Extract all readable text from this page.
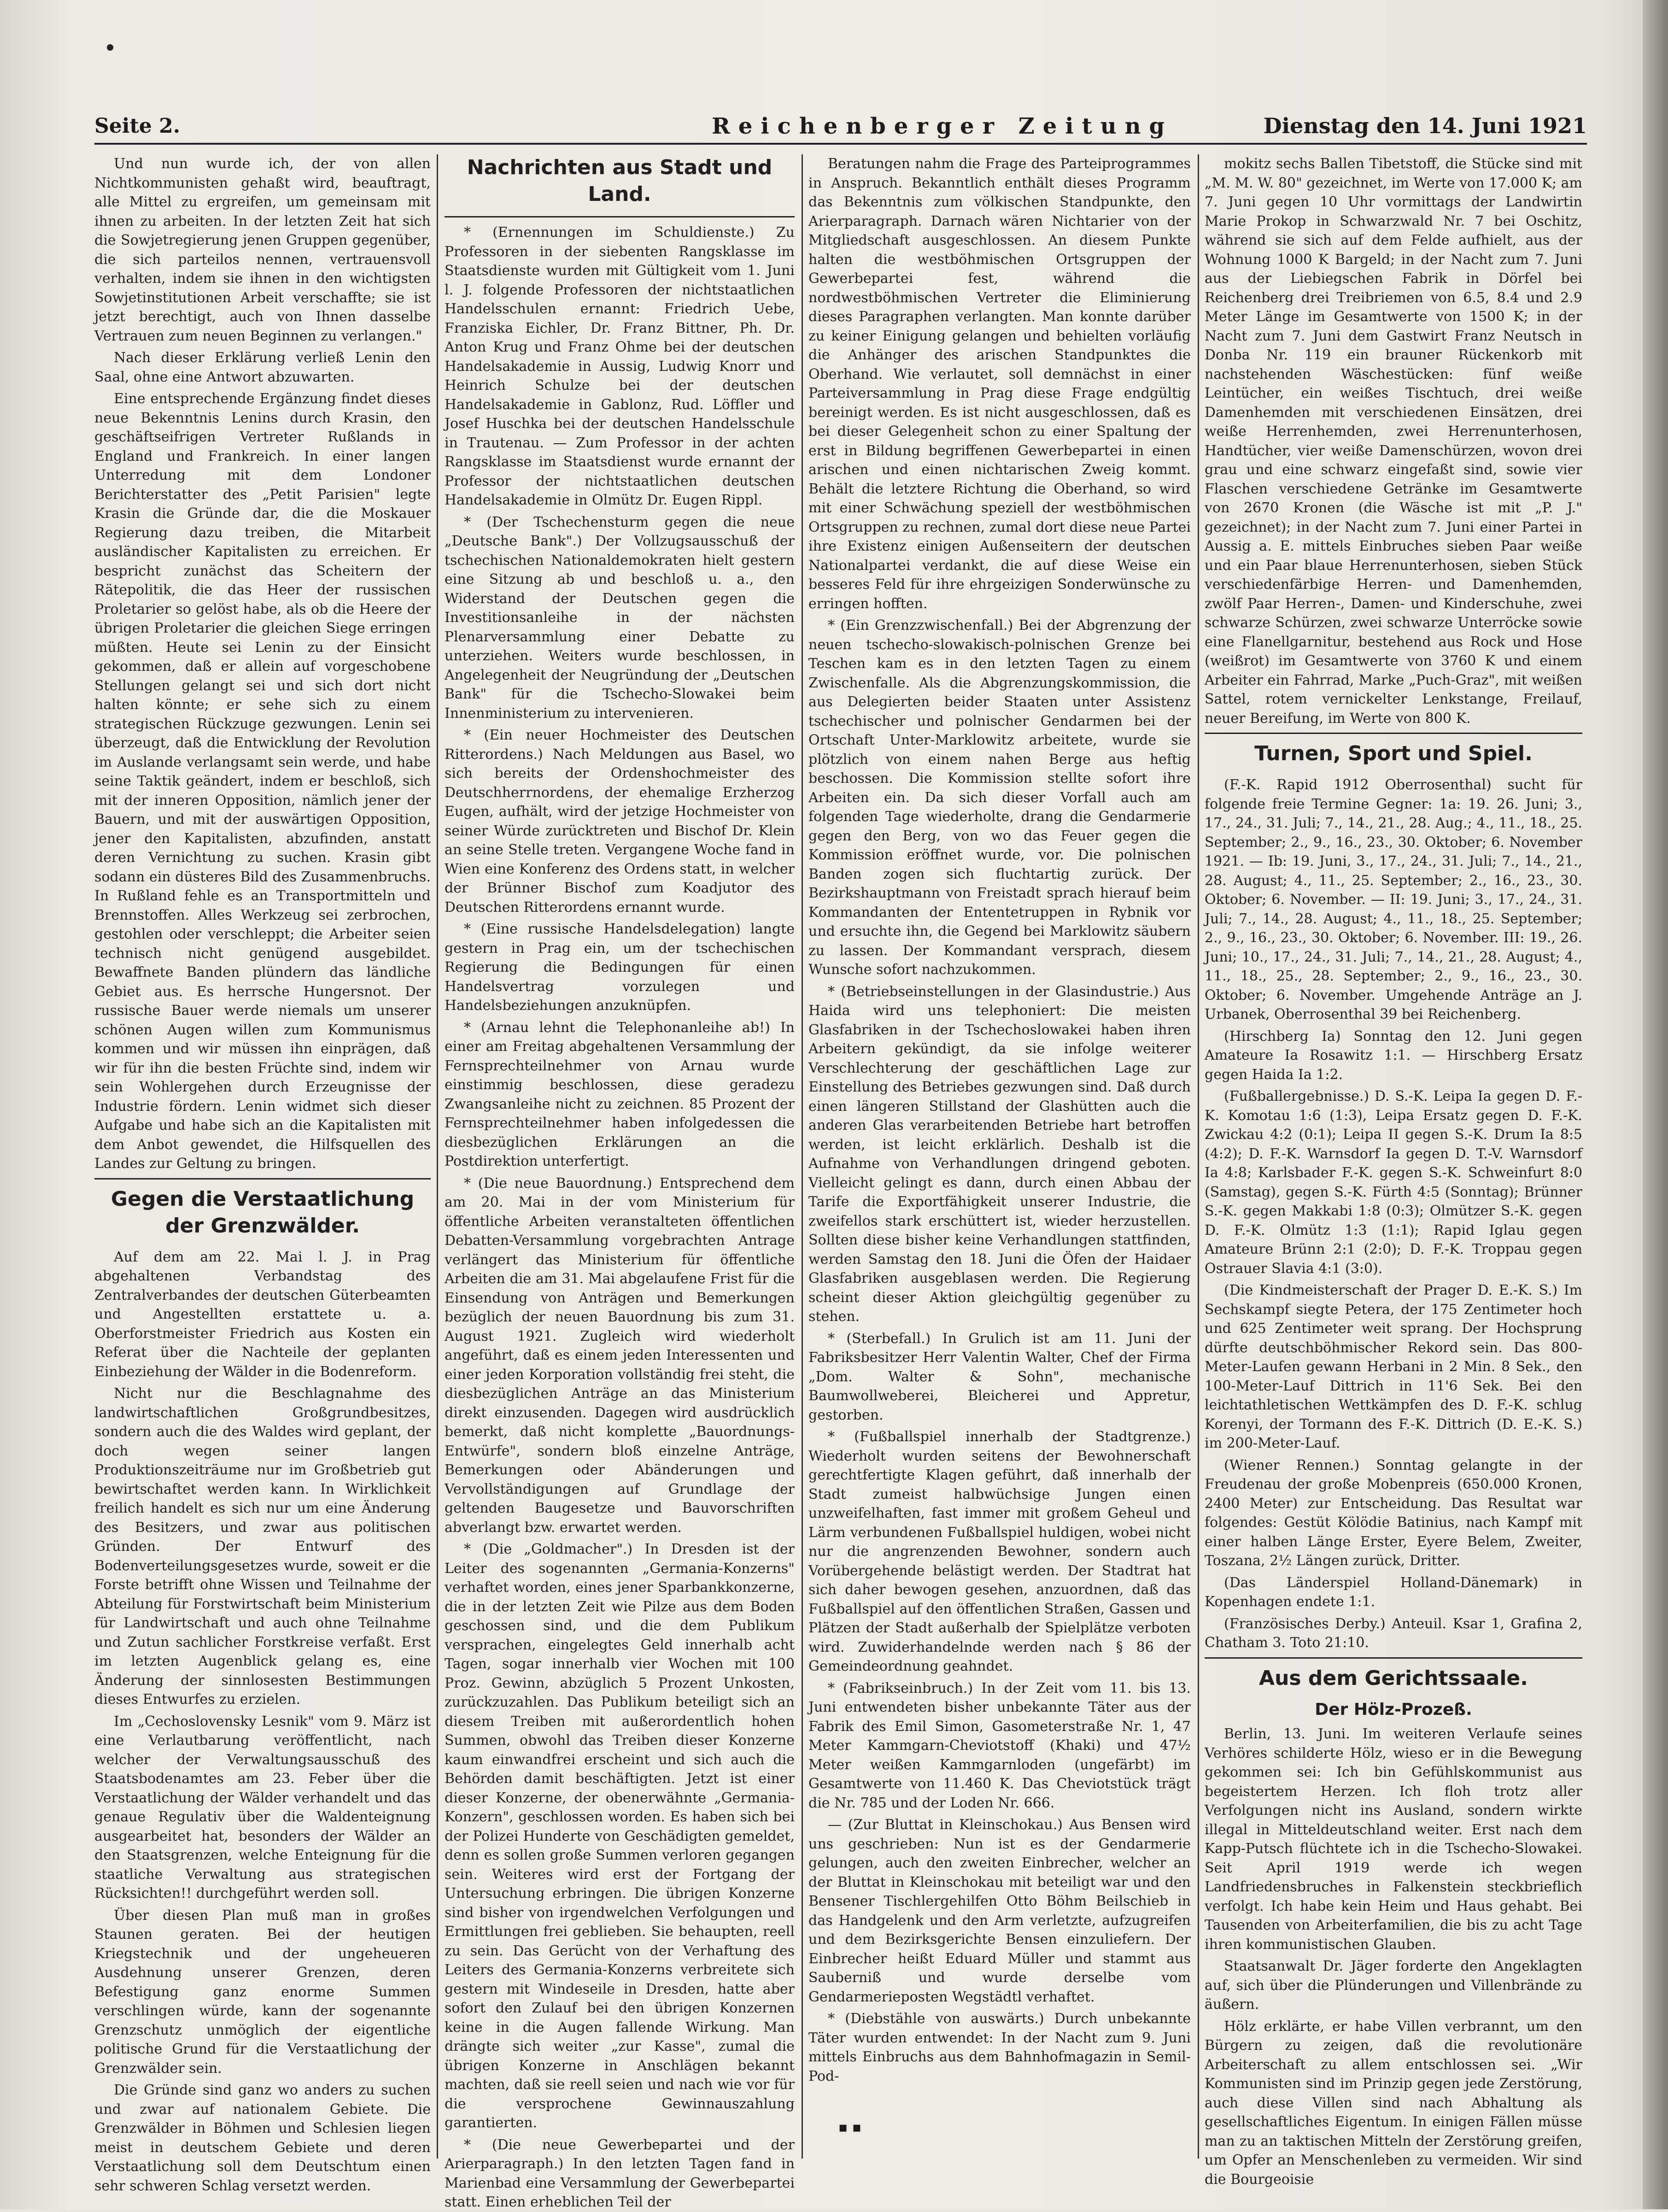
Seite 2.	Reichenberger Zeitung	Dienstag den 14. Juni 1921

Und nun wurde ich, der von allen Nichtkommunisten gehaßt wird, beauftragt, alle Mittel zu ergreifen, um gemeinsam mit ihnen zu arbeiten. In der letzten Zeit hat sich die Sowjetregierung jenen Gruppen gegenüber, die sich parteilos nennen, vertrauensvoll verhalten, indem sie ihnen in den wichtigsten Sowjetinstitutionen Arbeit verschaffte; sie ist jetzt berechtigt, auch von Ihnen dasselbe Vertrauen zum neuen Beginnen zu verlangen."

Nach dieser Erklärung verließ Lenin den Saal, ohne eine Antwort abzuwarten.

Eine entsprechende Ergänzung findet dieses neue Bekenntnis Lenins durch Krasin, den geschäftseifrigen Vertreter Rußlands in England und Frankreich. In einer langen Unterredung mit dem Londoner Berichterstatter des „Petit Parisien" legte Krasin die Gründe dar, die die Moskauer Regierung dazu treiben, die Mitarbeit ausländischer Kapitalisten zu erreichen. Er bespricht zunächst das Scheitern der Rätepolitik, die das Heer der russischen Proletarier so gelöst habe, als ob die Heere der übrigen Proletarier die gleichen Siege erringen müßten. Heute sei Lenin zu der Einsicht gekommen, daß er allein auf vorgeschobene Stellungen gelangt sei und sich dort nicht halten könnte; er sehe sich zu einem strategischen Rückzuge gezwungen. Lenin sei überzeugt, daß die Entwicklung der Revolution im Auslande verlangsamt sein werde, und habe seine Taktik geändert, indem er beschloß, sich mit der inneren Opposition, nämlich jener der Bauern, und mit der auswärtigen Opposition, jener den Kapitalisten, abzufinden, anstatt deren Vernichtung zu suchen. Krasin gibt sodann ein düsteres Bild des Zusammenbruchs. In Rußland fehle es an Transportmitteln und Brennstoffen. Alles Werkzeug sei zerbrochen, gestohlen oder verschleppt; die Arbeiter seien technisch nicht genügend ausgebildet. Bewaffnete Banden plündern das ländliche Gebiet aus. Es herrsche Hungersnot. Der russische Bauer werde niemals um unserer schönen Augen willen zum Kommunismus kommen und wir müssen ihn einprägen, daß wir für ihn die besten Früchte sind, indem wir sein Wohlergehen durch Erzeugnisse der Industrie fördern. Lenin widmet sich dieser Aufgabe und habe sich an die Kapitalisten mit dem Anbot gewendet, die Hilfsquellen des Landes zur Geltung zu bringen.

Gegen die Verstaatlichung der Grenzwälder.

Auf dem am 22. Mai l. J. in Prag abgehaltenen Verbandstag des Zentralverbandes der deutschen Güterbeamten und Angestellten erstattete u. a. Oberforstmeister Friedrich aus Kosten ein Referat über die Nachteile der geplanten Einbeziehung der Wälder in die Bodenreform.

Nicht nur die Beschlagnahme des landwirtschaftlichen Großgrundbesitzes, sondern auch die des Waldes wird geplant, der doch wegen seiner langen Produktionszeiträume nur im Großbetrieb gut bewirtschaftet werden kann. In Wirklichkeit freilich handelt es sich nur um eine Änderung des Besitzers, und zwar aus politischen Gründen. Der Entwurf des Bodenverteilungsgesetzes wurde, soweit er die Forste betrifft ohne Wissen und Teilnahme der Abteilung für Forstwirtschaft beim Ministerium für Landwirtschaft und auch ohne Teilnahme und Zutun sachlicher Forstkreise verfaßt. Erst im letzten Augenblick gelang es, eine Änderung der sinnlosesten Bestimmungen dieses Entwurfes zu erzielen.

Im „Cechoslovensky Lesnik" vom 9. März ist eine Verlautbarung veröffentlicht, nach welcher der Verwaltungsausschuß des Staatsbodenamtes am 23. Feber über die Verstaatlichung der Wälder verhandelt und das genaue Regulativ über die Waldenteignung ausgearbeitet hat, besonders der Wälder an den Staatsgrenzen, welche Enteignung für die staatliche Verwaltung aus strategischen Rücksichten!! durchgeführt werden soll.

Über diesen Plan muß man in großes Staunen geraten. Bei der heutigen Kriegstechnik und der ungeheueren Ausdehnung unserer Grenzen, deren Befestigung ganz enorme Summen verschlingen würde, kann der sogenannte Grenzschutz unmöglich der eigentliche politische Grund für die Verstaatlichung der Grenzwälder sein.

Die Gründe sind ganz wo anders zu suchen und zwar auf nationalem Gebiete. Die Grenzwälder in Böhmen und Schlesien liegen meist in deutschem Gebiete und deren Verstaatlichung soll dem Deutschtum einen sehr schweren Schlag versetzt werden.

Nachrichten aus Stadt und Land.

* (Ernennungen im Schuldienste.) Zu Professoren in der siebenten Rangsklasse im Staatsdienste wurden mit Gültigkeit vom 1. Juni l. J. folgende Professoren der nichtstaatlichen Handelsschulen ernannt: Friedrich Uebe, Franziska Eichler, Dr. Franz Bittner, Ph. Dr. Anton Krug und Franz Ohme bei der deutschen Handelsakademie in Aussig, Ludwig Knorr und Heinrich Schulze bei der deutschen Handelsakademie in Gablonz, Rud. Löffler und Josef Huschka bei der deutschen Handelsschule in Trautenau. — Zum Professor in der achten Rangsklasse im Staatsdienst wurde ernannt der Professor der nichtstaatlichen deutschen Handelsakademie in Olmütz Dr. Eugen Rippl.

* (Der Tschechensturm gegen die neue „Deutsche Bank".) Der Vollzugsausschuß der tschechischen Nationaldemokraten hielt gestern eine Sitzung ab und beschloß u. a., den Widerstand der Deutschen gegen die Investitionsanleihe in der nächsten Plenarversammlung einer Debatte zu unterziehen. Weiters wurde beschlossen, in Angelegenheit der Neugründung der „Deutschen Bank" für die Tschecho-Slowakei beim Innenministerium zu intervenieren.

* (Ein neuer Hochmeister des Deutschen Ritterordens.) Nach Meldungen aus Basel, wo sich bereits der Ordenshochmeister des Deutschherrnordens, der ehemalige Erzherzog Eugen, aufhält, wird der jetzige Hochmeister von seiner Würde zurücktreten und Bischof Dr. Klein an seine Stelle treten. Vergangene Woche fand in Wien eine Konferenz des Ordens statt, in welcher der Brünner Bischof zum Koadjutor des Deutschen Ritterordens ernannt wurde.

* (Eine russische Handelsdelegation) langte gestern in Prag ein, um der tschechischen Regierung die Bedingungen für einen Handelsvertrag vorzulegen und Handelsbeziehungen anzuknüpfen.

* (Arnau lehnt die Telephonanleihe ab!) In einer am Freitag abgehaltenen Versammlung der Fernsprechteilnehmer von Arnau wurde einstimmig beschlossen, diese geradezu Zwangsanleihe nicht zu zeichnen. 85 Prozent der Fernsprechteilnehmer haben infolgedessen die diesbezüglichen Erklärungen an die Postdirektion unterfertigt.

* (Die neue Bauordnung.) Entsprechend dem am 20. Mai in der vom Ministerium für öffentliche Arbeiten veranstalteten öffentlichen Debatten-Versammlung vorgebrachten Antrage verlängert das Ministerium für öffentliche Arbeiten die am 31. Mai abgelaufene Frist für die Einsendung von Anträgen und Bemerkungen bezüglich der neuen Bauordnung bis zum 31. August 1921. Zugleich wird wiederholt angeführt, daß es einem jeden Interessenten und einer jeden Korporation vollständig frei steht, die diesbezüglichen Anträge an das Ministerium direkt einzusenden. Dagegen wird ausdrücklich bemerkt, daß nicht komplette „Bauordnungs-Entwürfe", sondern bloß einzelne Anträge, Bemerkungen oder Abänderungen und Vervollständigungen auf Grundlage der geltenden Baugesetze und Bauvorschriften abverlangt bzw. erwartet werden.

* (Die „Goldmacher".) In Dresden ist der Leiter des sogenannten „Germania-Konzerns" verhaftet worden, eines jener Sparbankkonzerne, die in der letzten Zeit wie Pilze aus dem Boden geschossen sind, und die dem Publikum versprachen, eingelegtes Geld innerhalb acht Tagen, sogar innerhalb vier Wochen mit 100 Proz. Gewinn, abzüglich 5 Prozent Unkosten, zurückzuzahlen. Das Publikum beteiligt sich an diesem Treiben mit außerordentlich hohen Summen, obwohl das Treiben dieser Konzerne kaum einwandfrei erscheint und sich auch die Behörden damit beschäftigten. Jetzt ist einer dieser Konzerne, der obenerwähnte „Germania-Konzern", geschlossen worden. Es haben sich bei der Polizei Hunderte von Geschädigten gemeldet, denn es sollen große Summen verloren gegangen sein. Weiteres wird erst der Fortgang der Untersuchung erbringen. Die übrigen Konzerne sind bisher von irgendwelchen Verfolgungen und Ermittlungen frei geblieben. Sie behaupten, reell zu sein. Das Gerücht von der Verhaftung des Leiters des Germania-Konzerns verbreitete sich gestern mit Windeseile in Dresden, hatte aber sofort den Zulauf bei den übrigen Konzernen keine in die Augen fallende Wirkung. Man drängte sich weiter „zur Kasse", zumal die übrigen Konzerne in Anschlägen bekannt machten, daß sie reell seien und nach wie vor für die versprochene Gewinnauszahlung garantierten.

* (Die neue Gewerbepartei und der Arierparagraph.) In den letzten Tagen fand in Marienbad eine Versammlung der Gewerbepartei statt. Einen erheblichen Teil der

Beratungen nahm die Frage des Parteiprogrammes in Anspruch. Bekanntlich enthält dieses Programm das Bekenntnis zum völkischen Standpunkte, den Arierparagraph. Darnach wären Nichtarier von der Mitgliedschaft ausgeschlossen. An diesem Punkte halten die westböhmischen Ortsgruppen der Gewerbepartei fest, während die nordwestböhmischen Vertreter die Eliminierung dieses Paragraphen verlangten. Man konnte darüber zu keiner Einigung gelangen und behielten vorläufig die Anhänger des arischen Standpunktes die Oberhand. Wie verlautet, soll demnächst in einer Parteiversammlung in Prag diese Frage endgültig bereinigt werden. Es ist nicht ausgeschlossen, daß es bei dieser Gelegenheit schon zu einer Spaltung der erst in Bildung begriffenen Gewerbepartei in einen arischen und einen nichtarischen Zweig kommt. Behält die letztere Richtung die Oberhand, so wird mit einer Schwächung speziell der westböhmischen Ortsgruppen zu rechnen, zumal dort diese neue Partei ihre Existenz einigen Außenseitern der deutschen Nationalpartei verdankt, die auf diese Weise ein besseres Feld für ihre ehrgeizigen Sonderwünsche zu erringen hofften.

* (Ein Grenzzwischenfall.) Bei der Abgrenzung der neuen tschecho-slowakisch-polnischen Grenze bei Teschen kam es in den letzten Tagen zu einem Zwischenfalle. Als die Abgrenzungskommission, die aus Delegierten beider Staaten unter Assistenz tschechischer und polnischer Gendarmen bei der Ortschaft Unter-Marklowitz arbeitete, wurde sie plötzlich von einem nahen Berge aus heftig beschossen. Die Kommission stellte sofort ihre Arbeiten ein. Da sich dieser Vorfall auch am folgenden Tage wiederholte, drang die Gendarmerie gegen den Berg, von wo das Feuer gegen die Kommission eröffnet wurde, vor. Die polnischen Banden zogen sich fluchtartig zurück. Der Bezirkshauptmann von Freistadt sprach hierauf beim Kommandanten der Ententetruppen in Rybnik vor und ersuchte ihn, die Gegend bei Marklowitz säubern zu lassen. Der Kommandant versprach, diesem Wunsche sofort nachzukommen.

* (Betriebseinstellungen in der Glasindustrie.) Aus Haida wird uns telephoniert: Die meisten Glasfabriken in der Tschechoslowakei haben ihren Arbeitern gekündigt, da sie infolge weiterer Verschlechterung der geschäftlichen Lage zur Einstellung des Betriebes gezwungen sind. Daß durch einen längeren Stillstand der Glashütten auch die anderen Glas verarbeitenden Betriebe hart betroffen werden, ist leicht erklärlich. Deshalb ist die Aufnahme von Verhandlungen dringend geboten. Vielleicht gelingt es dann, durch einen Abbau der Tarife die Exportfähigkeit unserer Industrie, die zweifellos stark erschüttert ist, wieder herzustellen. Sollten diese bisher keine Verhandlungen stattfinden, werden Samstag den 18. Juni die Öfen der Haidaer Glasfabriken ausgeblasen werden. Die Regierung scheint dieser Aktion gleichgültig gegenüber zu stehen.

* (Sterbefall.) In Grulich ist am 11. Juni der Fabriksbesitzer Herr Valentin Walter, Chef der Firma „Dom. Walter & Sohn", mechanische Baumwollweberei, Bleicherei und Appretur, gestorben.

* (Fußballspiel innerhalb der Stadtgrenze.) Wiederholt wurden seitens der Bewohnerschaft gerechtfertigte Klagen geführt, daß innerhalb der Stadt zumeist halbwüchsige Jungen einen unzweifelhaften, fast immer mit großem Geheul und Lärm verbundenen Fußballspiel huldigen, wobei nicht nur die angrenzenden Bewohner, sondern auch Vorübergehende belästigt werden. Der Stadtrat hat sich daher bewogen gesehen, anzuordnen, daß das Fußballspiel auf den öffentlichen Straßen, Gassen und Plätzen der Stadt außerhalb der Spielplätze verboten wird. Zuwiderhandelnde werden nach § 86 der Gemeindeordnung geahndet.

* (Fabrikseinbruch.) In der Zeit vom 11. bis 13. Juni entwendeten bisher unbekannte Täter aus der Fabrik des Emil Simon, Gasometerstraße Nr. 1, 47 Meter Kammgarn-Cheviotstoff (Khaki) und 47½ Meter weißen Kammgarnloden (ungefärbt) im Gesamtwerte von 11.460 K. Das Cheviotstück trägt die Nr. 785 und der Loden Nr. 666.

— (Zur Bluttat in Kleinschokau.) Aus Bensen wird uns geschrieben: Nun ist es der Gendarmerie gelungen, auch den zweiten Einbrecher, welcher an der Bluttat in Kleinschokau mit beteiligt war und den Bensener Tischlergehilfen Otto Böhm Beilschieb in das Handgelenk und den Arm verletzte, aufzugreifen und dem Bezirksgerichte Bensen einzuliefern. Der Einbrecher heißt Eduard Müller und stammt aus Sauberniß und wurde derselbe vom Gendarmerieposten Wegstädtl verhaftet.

* (Diebstähle von auswärts.) Durch unbekannte Täter wurden entwendet: In der Nacht zum 9. Juni mittels Einbruchs aus dem Bahnhofmagazin in Semil-Pod-

mokitz sechs Ballen Tibetstoff, die Stücke sind mit „M. M. W. 80" gezeichnet, im Werte von 17.000 K; am 7. Juni gegen 10 Uhr vormittags der Landwirtin Marie Prokop in Schwarzwald Nr. 7 bei Oschitz, während sie sich auf dem Felde aufhielt, aus der Wohnung 1000 K Bargeld; in der Nacht zum 7. Juni aus der Liebiegschen Fabrik in Dörfel bei Reichenberg drei Treibriemen von 6.5, 8.4 und 2.9 Meter Länge im Gesamtwerte von 1500 K; in der Nacht zum 7. Juni dem Gastwirt Franz Neutsch in Donba Nr. 119 ein brauner Rückenkorb mit nachstehenden Wäschestücken: fünf weiße Leintücher, ein weißes Tischtuch, drei weiße Damenhemden mit verschiedenen Einsätzen, drei weiße Herrenhemden, zwei Herrenunterhosen, Handtücher, vier weiße Damenschürzen, wovon drei grau und eine schwarz eingefaßt sind, sowie vier Flaschen verschiedene Getränke im Gesamtwerte von 2670 Kronen (die Wäsche ist mit „P. J." gezeichnet); in der Nacht zum 7. Juni einer Partei in Aussig a. E. mittels Einbruches sieben Paar weiße und ein Paar blaue Herrenunterhosen, sieben Stück verschiedenfärbige Herren- und Damenhemden, zwölf Paar Herren-, Damen- und Kinderschuhe, zwei schwarze Schürzen, zwei schwarze Unterröcke sowie eine Flanellgarnitur, bestehend aus Rock und Hose (weißrot) im Gesamtwerte von 3760 K und einem Arbeiter ein Fahrrad, Marke „Puch-Graz", mit weißen Sattel, rotem vernickelter Lenkstange, Freilauf, neuer Bereifung, im Werte von 800 K.

Turnen, Sport und Spiel.

(F.-K. Rapid 1912 Oberrosenthal) sucht für folgende freie Termine Gegner: 1a: 19. 26. Juni; 3., 17., 24., 31. Juli; 7., 14., 21., 28. Aug.; 4., 11., 18., 25. September; 2., 9., 16., 23., 30. Oktober; 6. November 1921. — Ib: 19. Juni, 3., 17., 24., 31. Juli; 7., 14., 21., 28. August; 4., 11., 25. September; 2., 16., 23., 30. Oktober; 6. November. — II: 19. Juni; 3., 17., 24., 31. Juli; 7., 14., 28. August; 4., 11., 18., 25. September; 2., 9., 16., 23., 30. Oktober; 6. November. III: 19., 26. Juni; 10., 17., 24., 31. Juli; 7., 14., 21., 28. August; 4., 11., 18., 25., 28. September; 2., 9., 16., 23., 30. Oktober; 6. November. Umgehende Anträge an J. Urbanek, Oberrosenthal 39 bei Reichenberg.

(Hirschberg Ia) Sonntag den 12. Juni gegen Amateure Ia Rosawitz 1:1. — Hirschberg Ersatz gegen Haida Ia 1:2.

(Fußballergebnisse.) D. S.-K. Leipa Ia gegen D. F.-K. Komotau 1:6 (1:3), Leipa Ersatz gegen D. F.-K. Zwickau 4:2 (0:1); Leipa II gegen S.-K. Drum Ia 8:5 (4:2); D. F.-K. Warnsdorf Ia gegen D. T.-V. Warnsdorf Ia 4:8; Karlsbader F.-K. gegen S.-K. Schweinfurt 8:0 (Samstag), gegen S.-K. Fürth 4:5 (Sonntag); Brünner S.-K. gegen Makkabi 1:8 (0:3); Olmützer S.-K. gegen D. F.-K. Olmütz 1:3 (1:1); Rapid Iglau gegen Amateure Brünn 2:1 (2:0); D. F.-K. Troppau gegen Ostrauer Slavia 4:1 (3:0).

(Die Kindmeisterschaft der Prager D. E.-K. S.) Im Sechskampf siegte Petera, der 175 Zentimeter hoch und 625 Zentimeter weit sprang. Der Hochsprung dürfte deutschböhmischer Rekord sein. Das 800-Meter-Laufen gewann Herbani in 2 Min. 8 Sek., den 100-Meter-Lauf Dittrich in 11'6 Sek. Bei den leichtathletischen Wettkämpfen des D. F.-K. schlug Korenyi, der Tormann des F.-K. Dittrich (D. E.-K. S.) im 200-Meter-Lauf.

(Wiener Rennen.) Sonntag gelangte in der Freudenau der große Mobenpreis (650.000 Kronen, 2400 Meter) zur Entscheidung. Das Resultat war folgendes: Gestüt Kölödie Batinius, nach Kampf mit einer halben Länge Erster, Eyere Belem, Zweiter, Toszana, 2½ Längen zurück, Dritter.

(Das Länderspiel Holland-Dänemark) in Kopenhagen endete 1:1.

(Französisches Derby.) Anteuil. Ksar 1, Grafina 2, Chatham 3. Toto 21:10.

Aus dem Gerichtssaale.
Der Hölz-Prozeß.

Berlin, 13. Juni. Im weiteren Verlaufe seines Verhöres schilderte Hölz, wieso er in die Bewegung gekommen sei: Ich bin Gefühlskommunist aus begeistertem Herzen. Ich floh trotz aller Verfolgungen nicht ins Ausland, sondern wirkte illegal in Mitteldeutschland weiter. Erst nach dem Kapp-Putsch flüchtete ich in die Tschecho-Slowakei. Seit April 1919 werde ich wegen Landfriedensbruches in Falkenstein steckbrieflich verfolgt. Ich habe kein Heim und Haus gehabt. Bei Tausenden von Arbeiterfamilien, die bis zu acht Tage ihren kommunistischen Glauben.

Staatsanwalt Dr. Jäger forderte den Angeklagten auf, sich über die Plünderungen und Villenbrände zu äußern.

Hölz erklärte, er habe Villen verbrannt, um den Bürgern zu zeigen, daß die revolutionäre Arbeiterschaft zu allem entschlossen sei. „Wir Kommunisten sind im Prinzip gegen jede Zerstörung, auch diese Villen sind nach Abhaltung als gesellschaftliches Eigentum. In einigen Fällen müsse man zu an taktischen Mitteln der Zerstörung greifen, um Opfer an Menschenleben zu vermeiden. Wir sind die Bourgeoisie

▪ ▪
